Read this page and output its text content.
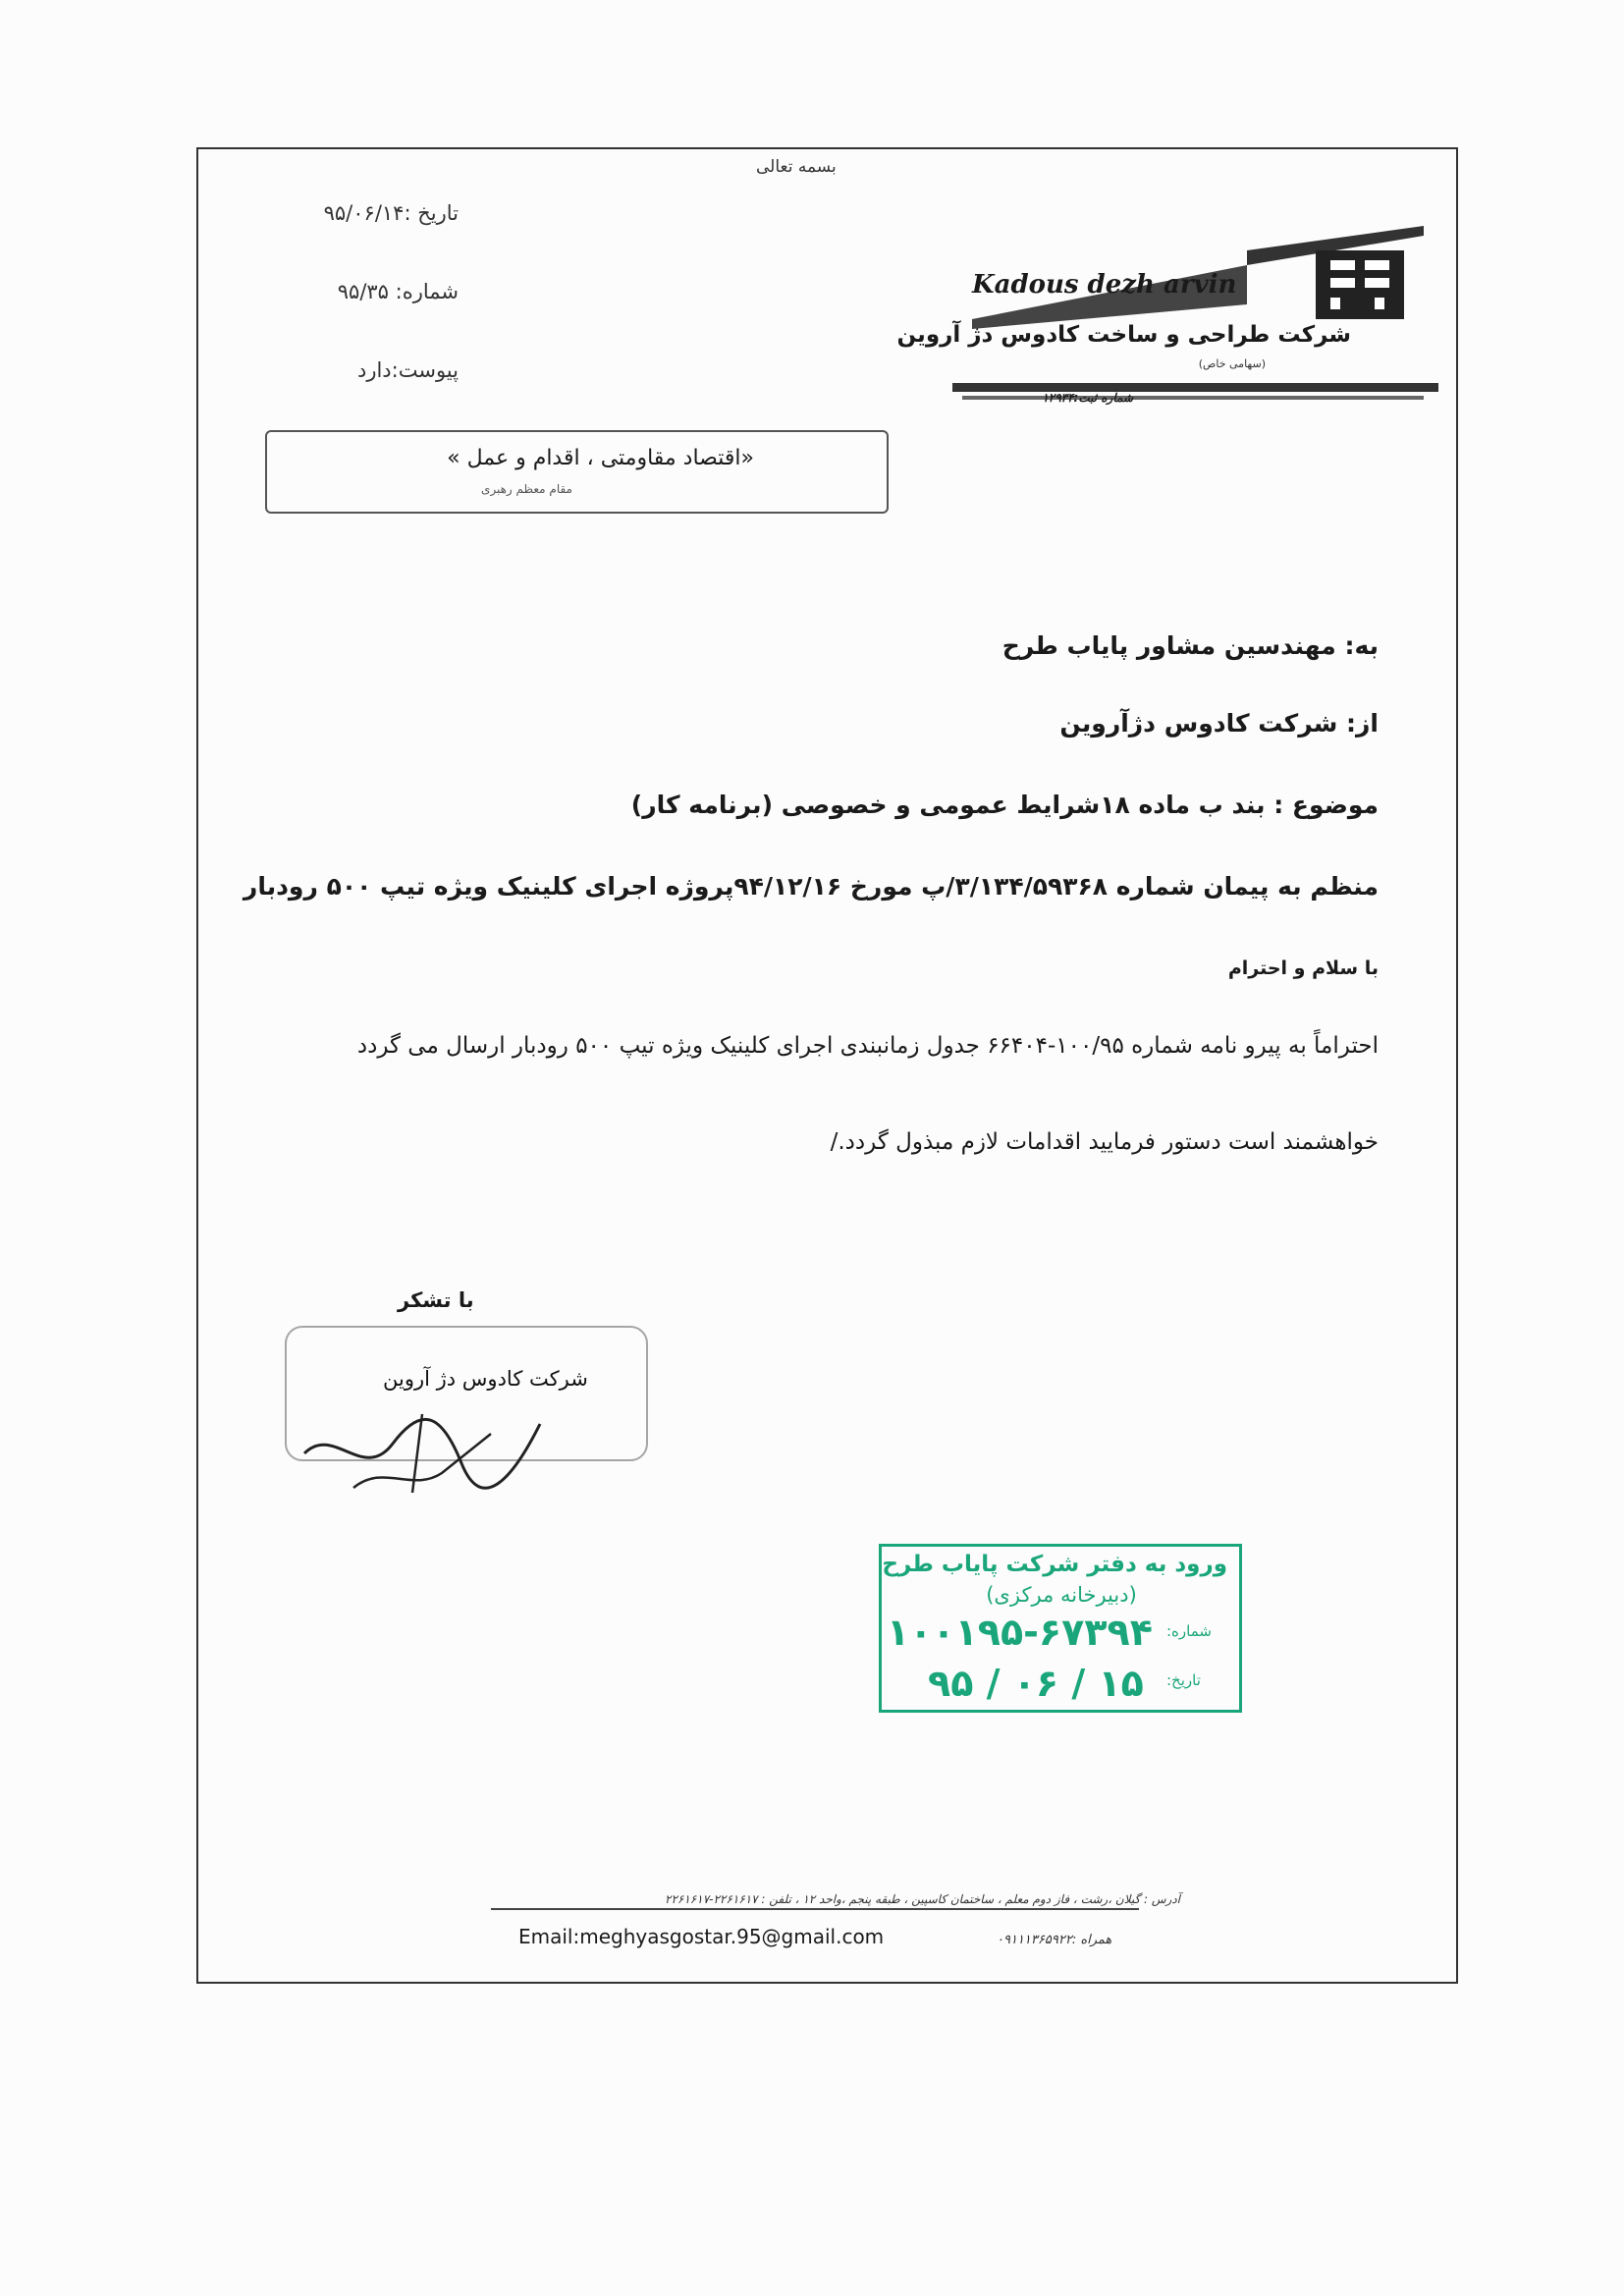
بسمه تعالی
تاریخ :۹۵/۰۶/۱۴
شماره: ۹۵/۳۵
پیوست:دارد
«اقتصاد مقاومتی ، اقدام و عمل »
مقام معظم رهبری
Kadous dezh arvin
شرکت طراحی و ساخت کادوس دژ آروین
(سهامی خاص)
شماره ثبت:۱۲۹۳۴
به: مهندسین مشاور پایاب طرح
از: شرکت کادوس دژآروین
موضوع : بند ب ماده ۱۸شرایط عمومی و خصوصی (برنامه کار)
منظم به پیمان شماره ۳/۱۳۴/۵۹۳۶۸/پ مورخ ۹۴/۱۲/۱۶پروژه اجرای کلینیک ویژه تیپ ۵۰۰ رودبار
با سلام و احترام
احتراماً به پیرو نامه شماره ۱۰۰/۹۵-۶۶۴۰۴ جدول زمانبندی اجرای کلینیک ویژه تیپ ۵۰۰ رودبار ارسال می گردد
خواهشمند است دستور فرمایید اقدامات لازم مبذول گردد./
با تشکر
شرکت کادوس دژ آروین
ورود به دفتر شرکت پایاب طرح
(دبیرخانه مرکزی)
شماره:
۱۰۰۱۹۵-۶۷۳۹۴
تاریخ:
۹۵ / ۰۶ / ۱۵
آدرس : گیلان ،رشت ، فاز دوم معلم ، ساختمان کاسپین ، طبقه پنجم ،واحد ۱۲ ، تلفن : ۲۲۶۱۶۱۷-۲۲۶۱۶۱۷
Email:meghyasgostar.95@gmail.com	همراه :۰۹۱۱۱۳۶۵۹۲۲
